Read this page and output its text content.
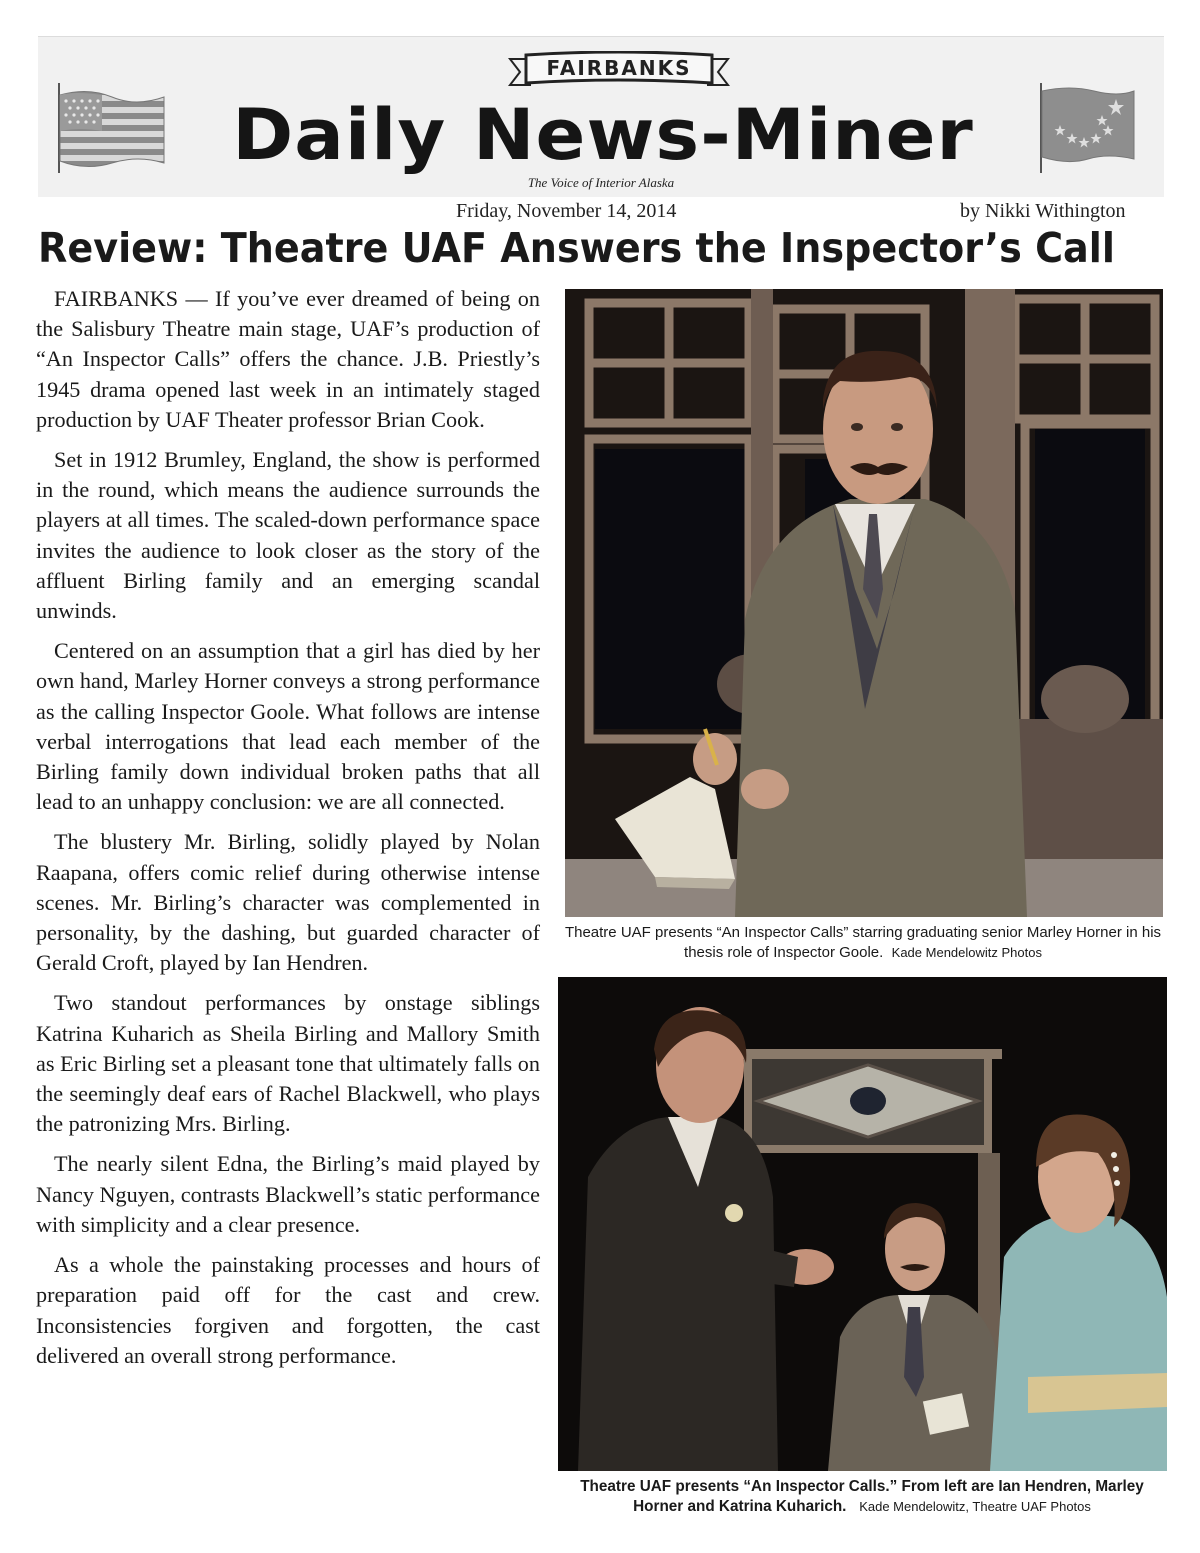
FAIRBANKS
Daily News-Miner
The Voice of Interior Alaska
Friday, November 14, 2014	by Nikki Withington
Review: Theatre UAF Answers the Inspector’s Call

FAIRBANKS — If you’ve ever dreamed of being on the Salisbury Theatre main stage, UAF’s production of “An Inspector Calls” offers the chance. J.B. Priestly’s 1945 drama opened last week in an intimately staged production by UAF Theater professor Brian Cook.

Set in 1912 Brumley, England, the show is performed in the round, which means the audience surrounds the players at all times. The scaled-down performance space invites the audience to look closer as the story of the affluent Birling family and an emerging scandal unwinds.

Centered on an assumption that a girl has died by her own hand, Marley Horner conveys a strong performance as the calling Inspector Goole. What follows are intense verbal interrogations that lead each member of the Birling family down individual broken paths that all lead to an unhappy conclusion: we are all connected.

The blustery Mr. Birling, solidly played by Nolan Raapana, offers comic relief during otherwise intense scenes. Mr. Birling’s character was complemented in personality, by the dashing, but guarded character of Gerald Croft, played by Ian Hendren.

Two standout performances by onstage siblings Katrina Kuharich as Sheila Birling and Mallory Smith as Eric Birling set a pleasant tone that ultimately falls on the seemingly deaf ears of Rachel Blackwell, who plays the patronizing Mrs. Birling.

The nearly silent Edna, the Birling’s maid played by Nancy Nguyen, contrasts Blackwell’s static performance with simplicity and a clear presence.

As a whole the painstaking processes and hours of preparation paid off for the cast and crew. Inconsistencies forgiven and forgotten, the cast delivered an overall strong performance.

Theatre UAF presents “An Inspector Calls” starring graduating senior Marley Horner in his thesis role of Inspector Goole. Kade Mendelowitz Photos
Theatre UAF presents “An Inspector Calls.” From left are Ian Hendren, Marley Horner and Katrina Kuharich. Kade Mendelowitz, Theatre UAF Photos
